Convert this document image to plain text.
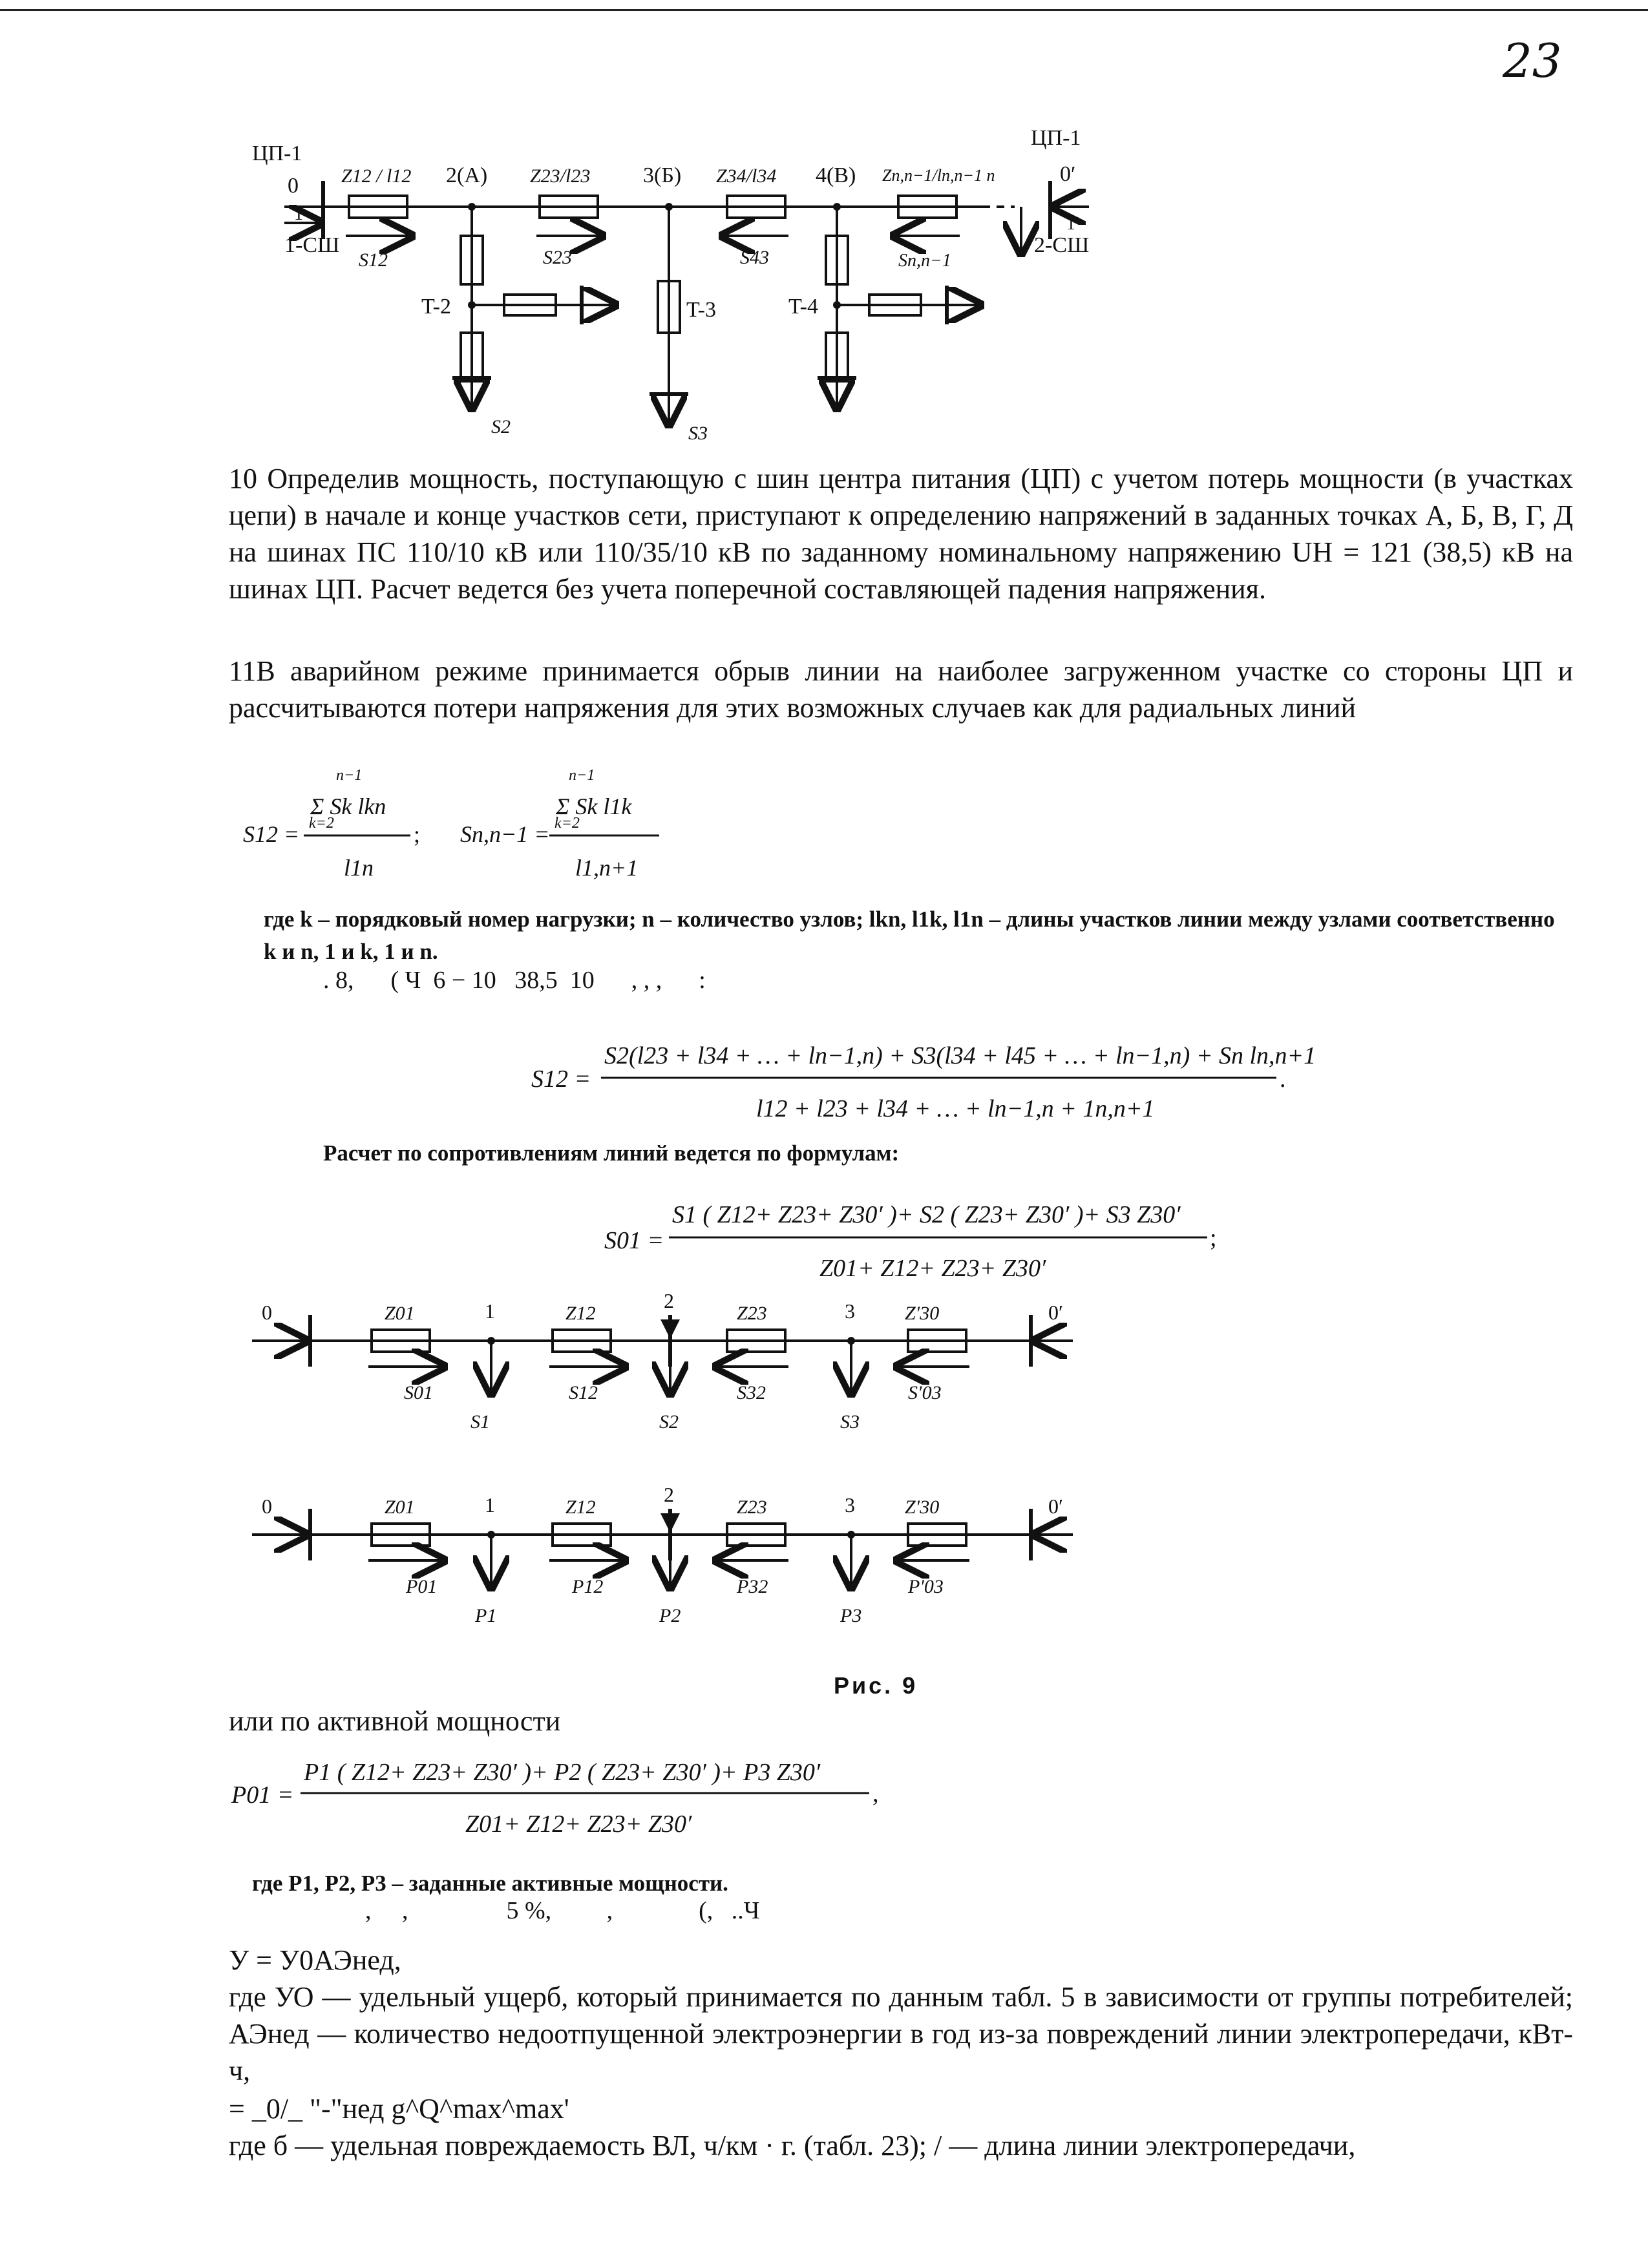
23
ЦП-1
ЦП-1
0	0′
1	1′
1-СШ	2-СШ
Z12 / l12	Z23/l23	Z34/l34	Zn,n−1/ln,n−1 n
2(A)	3(Б)	4(B)
S12	S23	S43	Sn,n−1
T-2	T-3	T-4
S2	S3

10 Определив мощность, поступающую с шин центра питания (ЦП) с учетом потерь мощности (в участках цепи) в начале и конце участков сети, приступают к определению напряжений в заданных точках А, Б, В, Г, Д на шинах ПС 110/10 кВ или 110/35/10 кВ по заданному номинальному напряжению UH = 121 (38,5) кВ на шинах ЦП. Расчет ведется без учета поперечной составляющей падения напряжения.

11В аварийном режиме принимается обрыв линии на наиболее загруженном участке со стороны ЦП и рассчитываются потери напряжения для этих возможных случаев как для радиальных линий

S12 =
n−1
Σ Sk lkn
k=2
l1n
Sn,n−1 =
n−1
Σ Sk l1k
k=2
l1,n+1
;

где k – порядковый номер нагрузки; n – количество узлов; lkn, l1k, l1n – длины участков линии между узлами соответственно k и n, 1 и k, 1 и n.

. 8,      ( Ч  6 − 10   38,5  10      , , ,      :
S12 =
S2(l23 + l34 + … + ln−1,n) + S3(l34 + l45 + … + ln−1,n) + Sn ln,n+1
l12 + l23 + l34 + … + ln−1,n + 1n,n+1
.

Расчет по сопротивлениям линий ведется по формулам:

S01 =
S1 ( Z12+ Z23+ Z30′ )+ S2 ( Z23+ Z30′ )+ S3 Z30′
Z01+ Z12+ Z23+ Z30′
;
0	1	2	3	0′
Z01	Z12	Z23	Z′30
S01	S12	S32	S′03
S1	S2	S3
0	1	2	3	0′
Z01	Z12	Z23	Z′30
P01	P12	P32	P′03
P1	P2	P3
Рис. 9
или по активной мощности
P01 =
P1 ( Z12+ Z23+ Z30′ )+ P2 ( Z23+ Z30′ )+ P3 Z30′
Z01+ Z12+ Z23+ Z30′
,

где P1, P2, P3 – заданные активные мощности.

,     ,                5 %,         ,              (,   ..Ч
У = У0АЭнед,

где УО — удельный ущерб, который принимается по данным табл. 5 в зависимости от группы потребителей; АЭнед — количество недоотпущенной электроэнергии в год из-за повреждений линии электропередачи, кВт-ч,

= _0/_ "-"нед g^Q^max^max'

где б — удельная повреждаемость ВЛ, ч/км · г. (табл. 23); / — длина линии электропередачи,
